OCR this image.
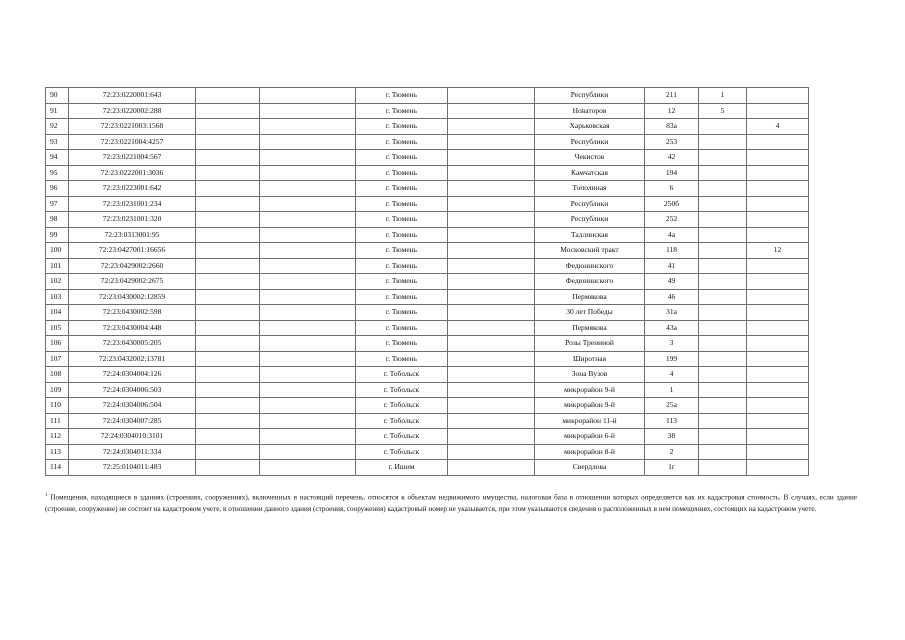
90	72:23:0220001:643			г. Тюмень		Республики	211	1	
91	72:23:0220002:288			г. Тюмень		Новаторов	12	5	
92	72:23:0221003:1568			г. Тюмень		Харьковская	83а		4
93	72:23:0221004:4257			г. Тюмень		Республики	253		
94	72:23:0221004:567			г. Тюмень		Чекистов	42		
95	72:23:0222001:3036			г. Тюмень		Камчатская	194		
96	72:23:0223001:642			г. Тюмень		Тополиная	6		
97	72:23:0231001:234			г. Тюмень		Республики	250б		
98	72:23:0231001:320			г. Тюмень		Республики	252		
99	72:23:0313001:95			г. Тюмень		Таллинская	4а		
100	72:23:0427001:16656			г. Тюмень		Московский тракт	118		12
101	72:23:0429002:2660			г. Тюмень		Федюнинского	41		
102	72:23:0429002:2675			г. Тюмень		Федюнинского	49		
103	72:23:0430002:12859			г. Тюмень		Пермякова	46		
104	72:23:0430002:598			г. Тюмень		30 лет Победы	31а		
105	72:23:0430004:448			г. Тюмень		Пермякова	43а		
106	72:23:0430005:205			г. Тюмень		Розы Трениной	3		
107	72:23:0432002:13781			г. Тюмень		Широтная	199		
108	72:24:0304004:126			г. Тобольск		Зона Вузов	4		
109	72:24:0304006:503			г. Тобольск		микрорайон 9-й	1		
110	72:24:0304006:504			г. Тобольск		микрорайон 9-й	25а		
111	72:24:0304007:285			г. Тобольск		микрорайон 11-й	113		
112	72:24:0304010:3101			г. Тобольск		микрорайон 6-й	38		
113	72:24:0304011:334			г. Тобольск		микрорайон 8-й	2		
114	72:25:0104011:483			г. Ишим		Свердлова	1г		

$^1$ Помещения, находящиеся в зданиях (строениях, сооружениях), включенных в настоящий перечень, относятся к объектам недвижимого имущества, налоговая база в отношении которых определяется как их кадастровая стоимость. В случаях, если здание (строение, сооружение) не состоит на кадастровом учете, в отношении данного здания (строения, сооружения) кадастровый номер не указывается, при этом указываются сведения о расположенных в нем помещениях, состоящих на кадастровом учете.
